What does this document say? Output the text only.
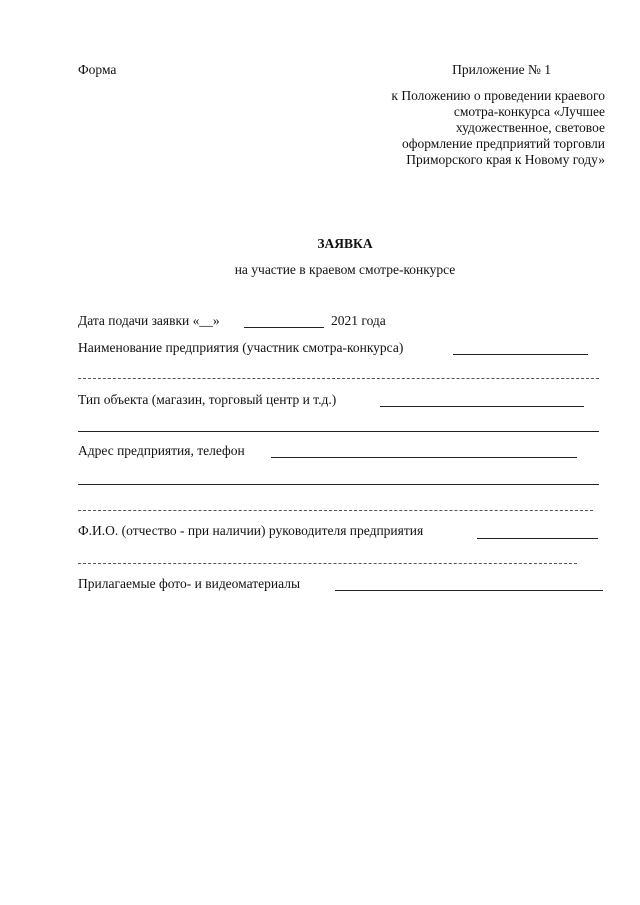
Форма	Приложение № 1
к Положению о проведении краевого
смотра-конкурса «Лучшее
художественное, световое
оформление предприятий торговли
Приморского края к Новому году»
ЗАЯВКА
на участие в краевом смотре-конкурсе
Дата подачи заявки «__»	2021 года
Наименование предприятия (участник смотра-конкурса)
Тип объекта (магазин, торговый центр и т.д.)
Адрес предприятия, телефон
Ф.И.О. (отчество - при наличии) руководителя предприятия
Прилагаемые фото- и видеоматериалы
